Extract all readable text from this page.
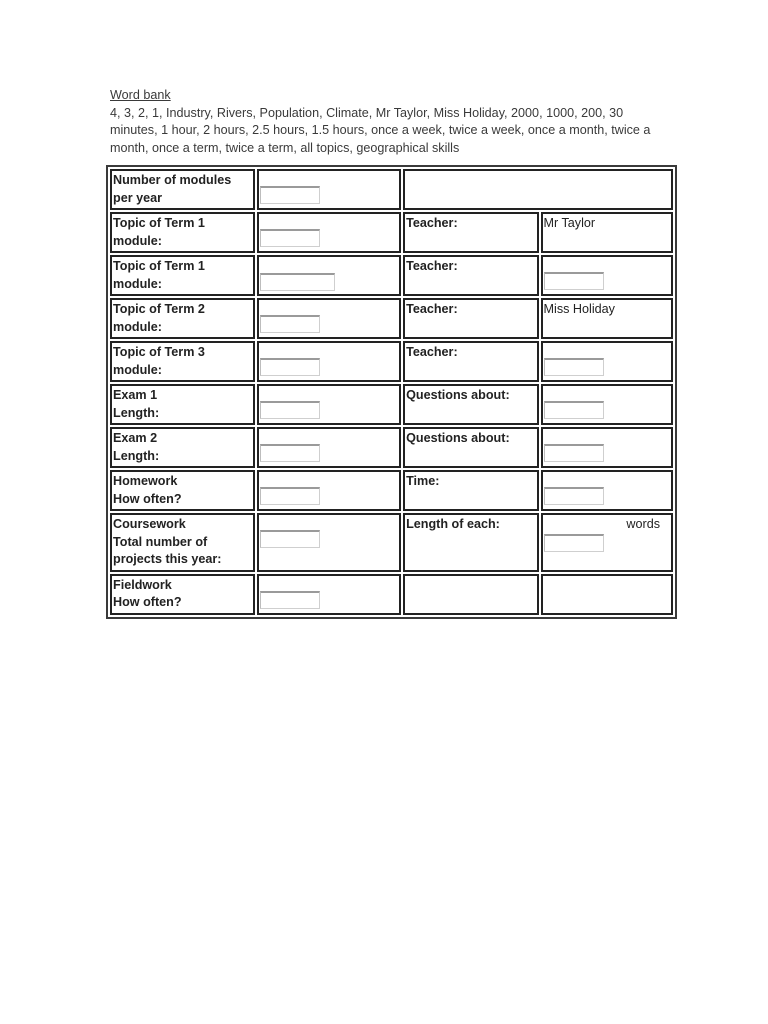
Word bank
4, 3, 2, 1, Industry, Rivers, Population, Climate, Mr Taylor, Miss Holiday, 2000, 1000, 200, 30 minutes, 1 hour, 2 hours, 2.5 hours, 1.5 hours, once a week, twice a week, once a month, twice a month, once a term, twice a term, all topics, geographical skills
Number of modules per year	

Topic of Term 1 module:		Teacher:	Mr Taylor
Topic of Term 1 module:		Teacher:	

Topic of Term 2 module:		Teacher:	Miss Holiday
Topic of Term 3 module:		Teacher:	

Exam 1
Length:		Questions about:	

Exam 2
Length:		Questions about:	

Homework
How often?		Time:	

Coursework
Total number of projects this year:		Length of each:	words

Fieldwork
How often?	
